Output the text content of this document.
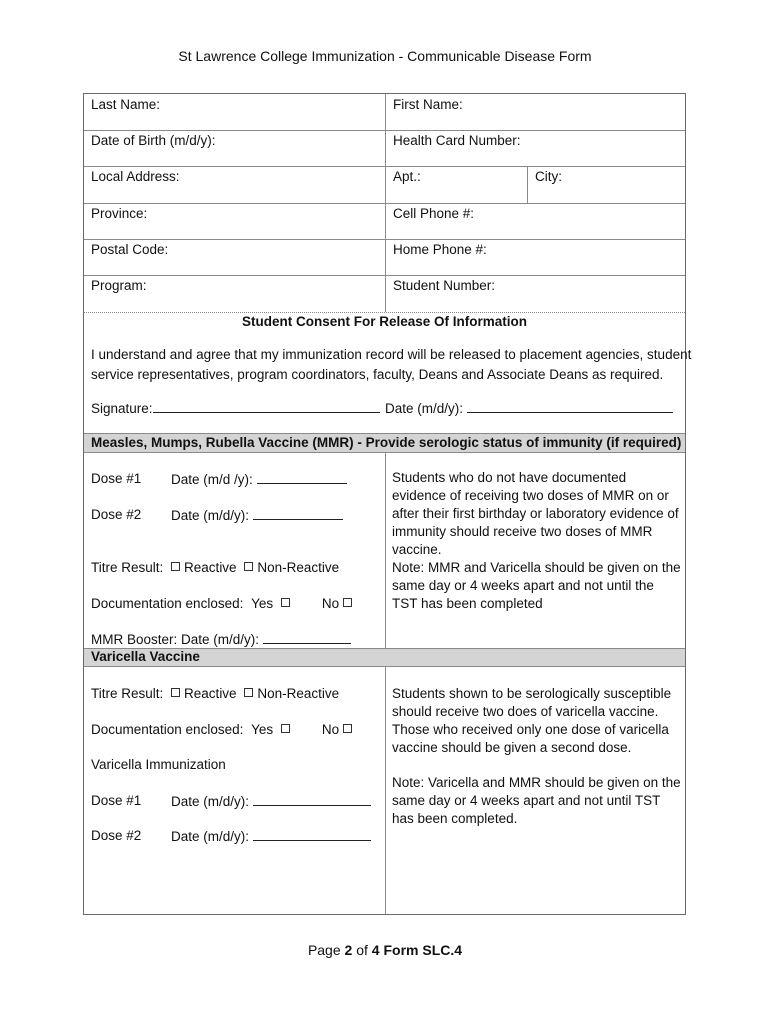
St Lawrence College Immunization - Communicable Disease Form
Last Name:	First Name:
Date of Birth (m/d/y):	Health Card Number:
Local Address:	Apt.:	City:
Province:	Cell Phone #:
Postal Code:	Home Phone #:
Program:	Student Number:
Student Consent For Release Of Information
I understand and agree that my immunization record will be released to placement agencies, student
service representatives, program coordinators, faculty, Deans and Associate Deans as required.
Signature:	Date (m/d/y):
Measles, Mumps, Rubella Vaccine (MMR) - Provide serologic status of immunity (if required)
Dose #1 Date (m/d /y):
Dose #2 Date (m/d/y):
Titre Result: Reactive Non-Reactive
Documentation enclosed: Yes	No
MMR Booster: Date (m/d/y):
Students who do not have documented evidence of receiving two doses of MMR on or after their first birthday or laboratory evidence of immunity should receive two doses of MMR vaccine.
Note: MMR and Varicella should be given on the same day or 4 weeks apart and not until the TST has been completed
Varicella Vaccine
Titre Result: Reactive Non-Reactive
Documentation enclosed: Yes	No
Varicella Immunization
Dose #1 Date (m/d/y):
Dose #2 Date (m/d/y):
Students shown to be serologically susceptible should receive two does of varicella vaccine. Those who received only one dose of varicella vaccine should be given a second dose.
Note: Varicella and MMR should be given on the same day or 4 weeks apart and not until TST has been completed.
Page 2 of 4 Form SLC.4
